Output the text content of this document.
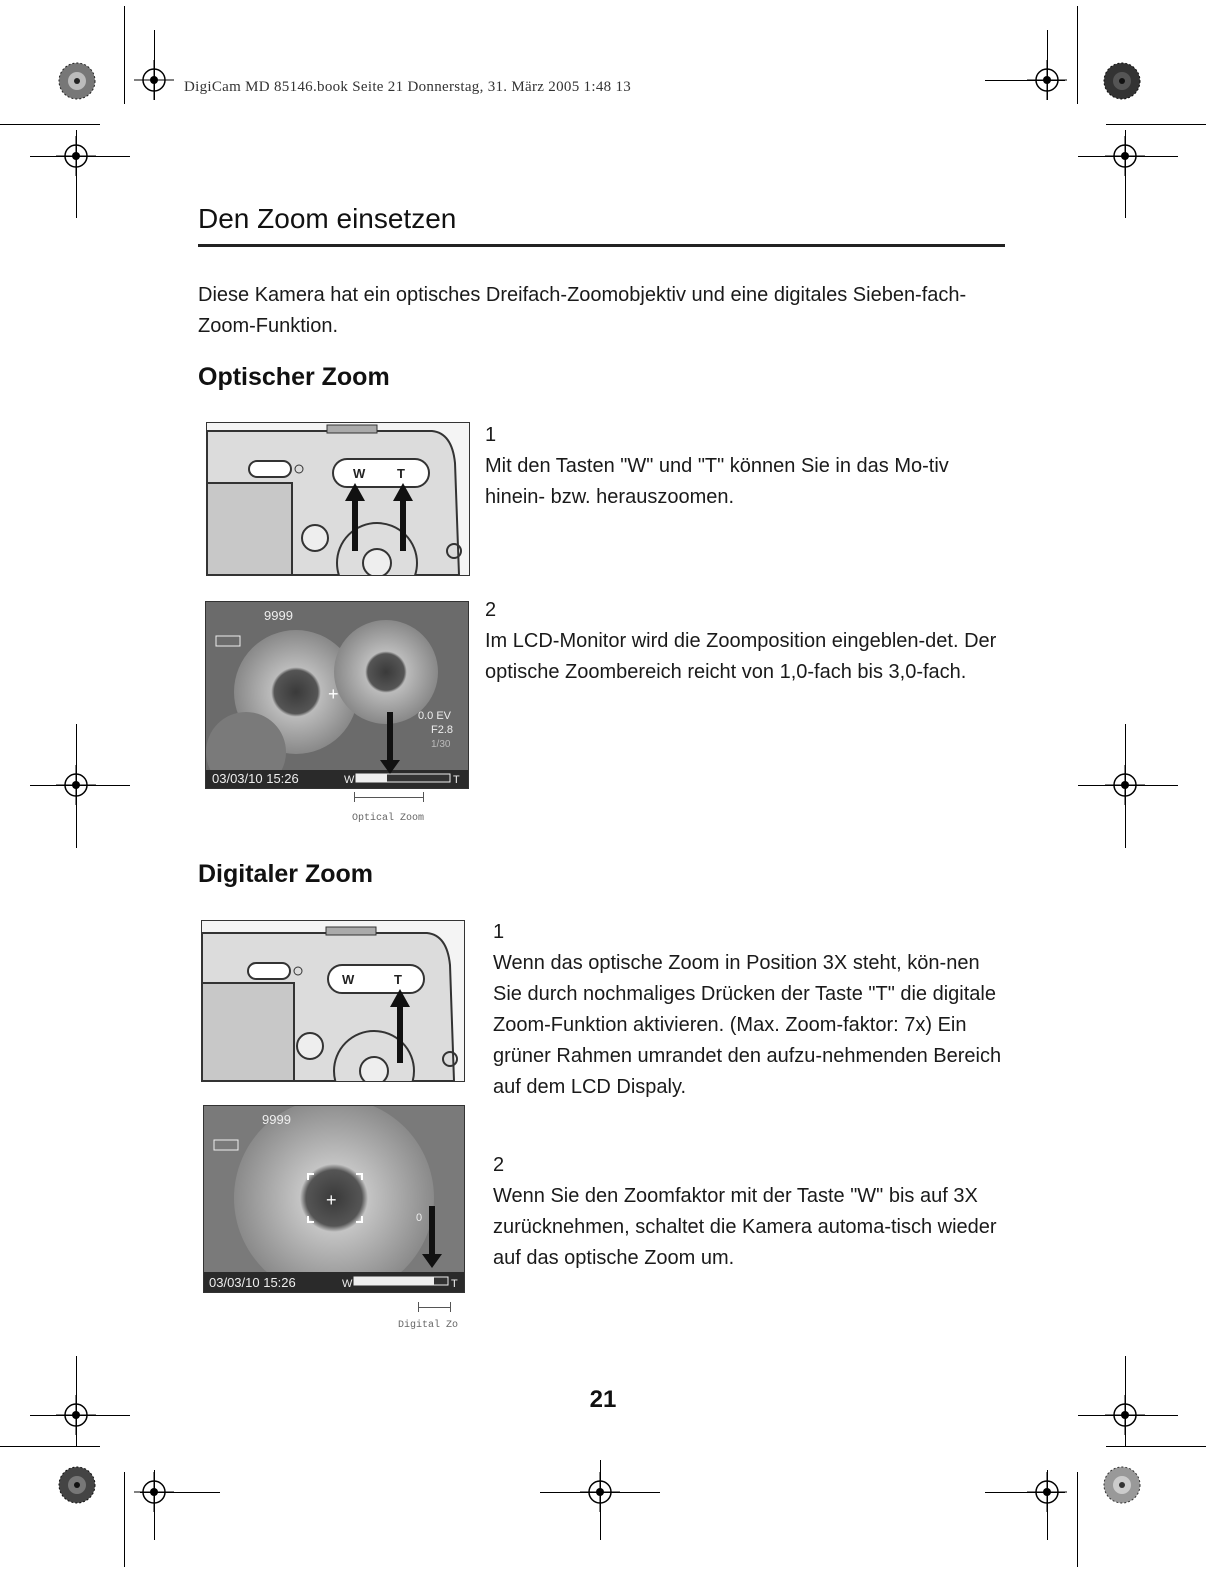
DigiCam MD 85146.book Seite 21 Donnerstag, 31. März 2005 1:48 13
Den Zoom einsetzen
Diese Kamera hat ein optisches Dreifach-Zoomobjektiv und eine digitales Sieben-fach-Zoom-Funktion.
Optischer Zoom
W T
1
Mit den Tasten "W" und "T" können Sie in das Mo-tiv hinein- bzw. herauszoomen.
9999
+
0.0 EV
F2.8
1/30
03/03/10 15:26	W	T
Optical Zoom
2
Im LCD-Monitor wird die Zoomposition eingeblen-det. Der optische Zoombereich reicht von 1,0-fach bis 3,0-fach.
Digitaler Zoom
W	T
1
Wenn das optische Zoom in Position 3X steht, kön-nen Sie durch nochmaliges Drücken der Taste "T" die digitale Zoom-Funktion aktivieren. (Max. Zoom-faktor: 7x) Ein grüner Rahmen umrandet den aufzu-nehmenden Bereich auf dem LCD Dispaly.
9999
+
0
03/03/10 15:26	W	T
Digital Zo
2
Wenn Sie den Zoomfaktor mit der Taste "W" bis auf 3X zurücknehmen, schaltet die Kamera automa-tisch wieder auf das optische Zoom um.
21
